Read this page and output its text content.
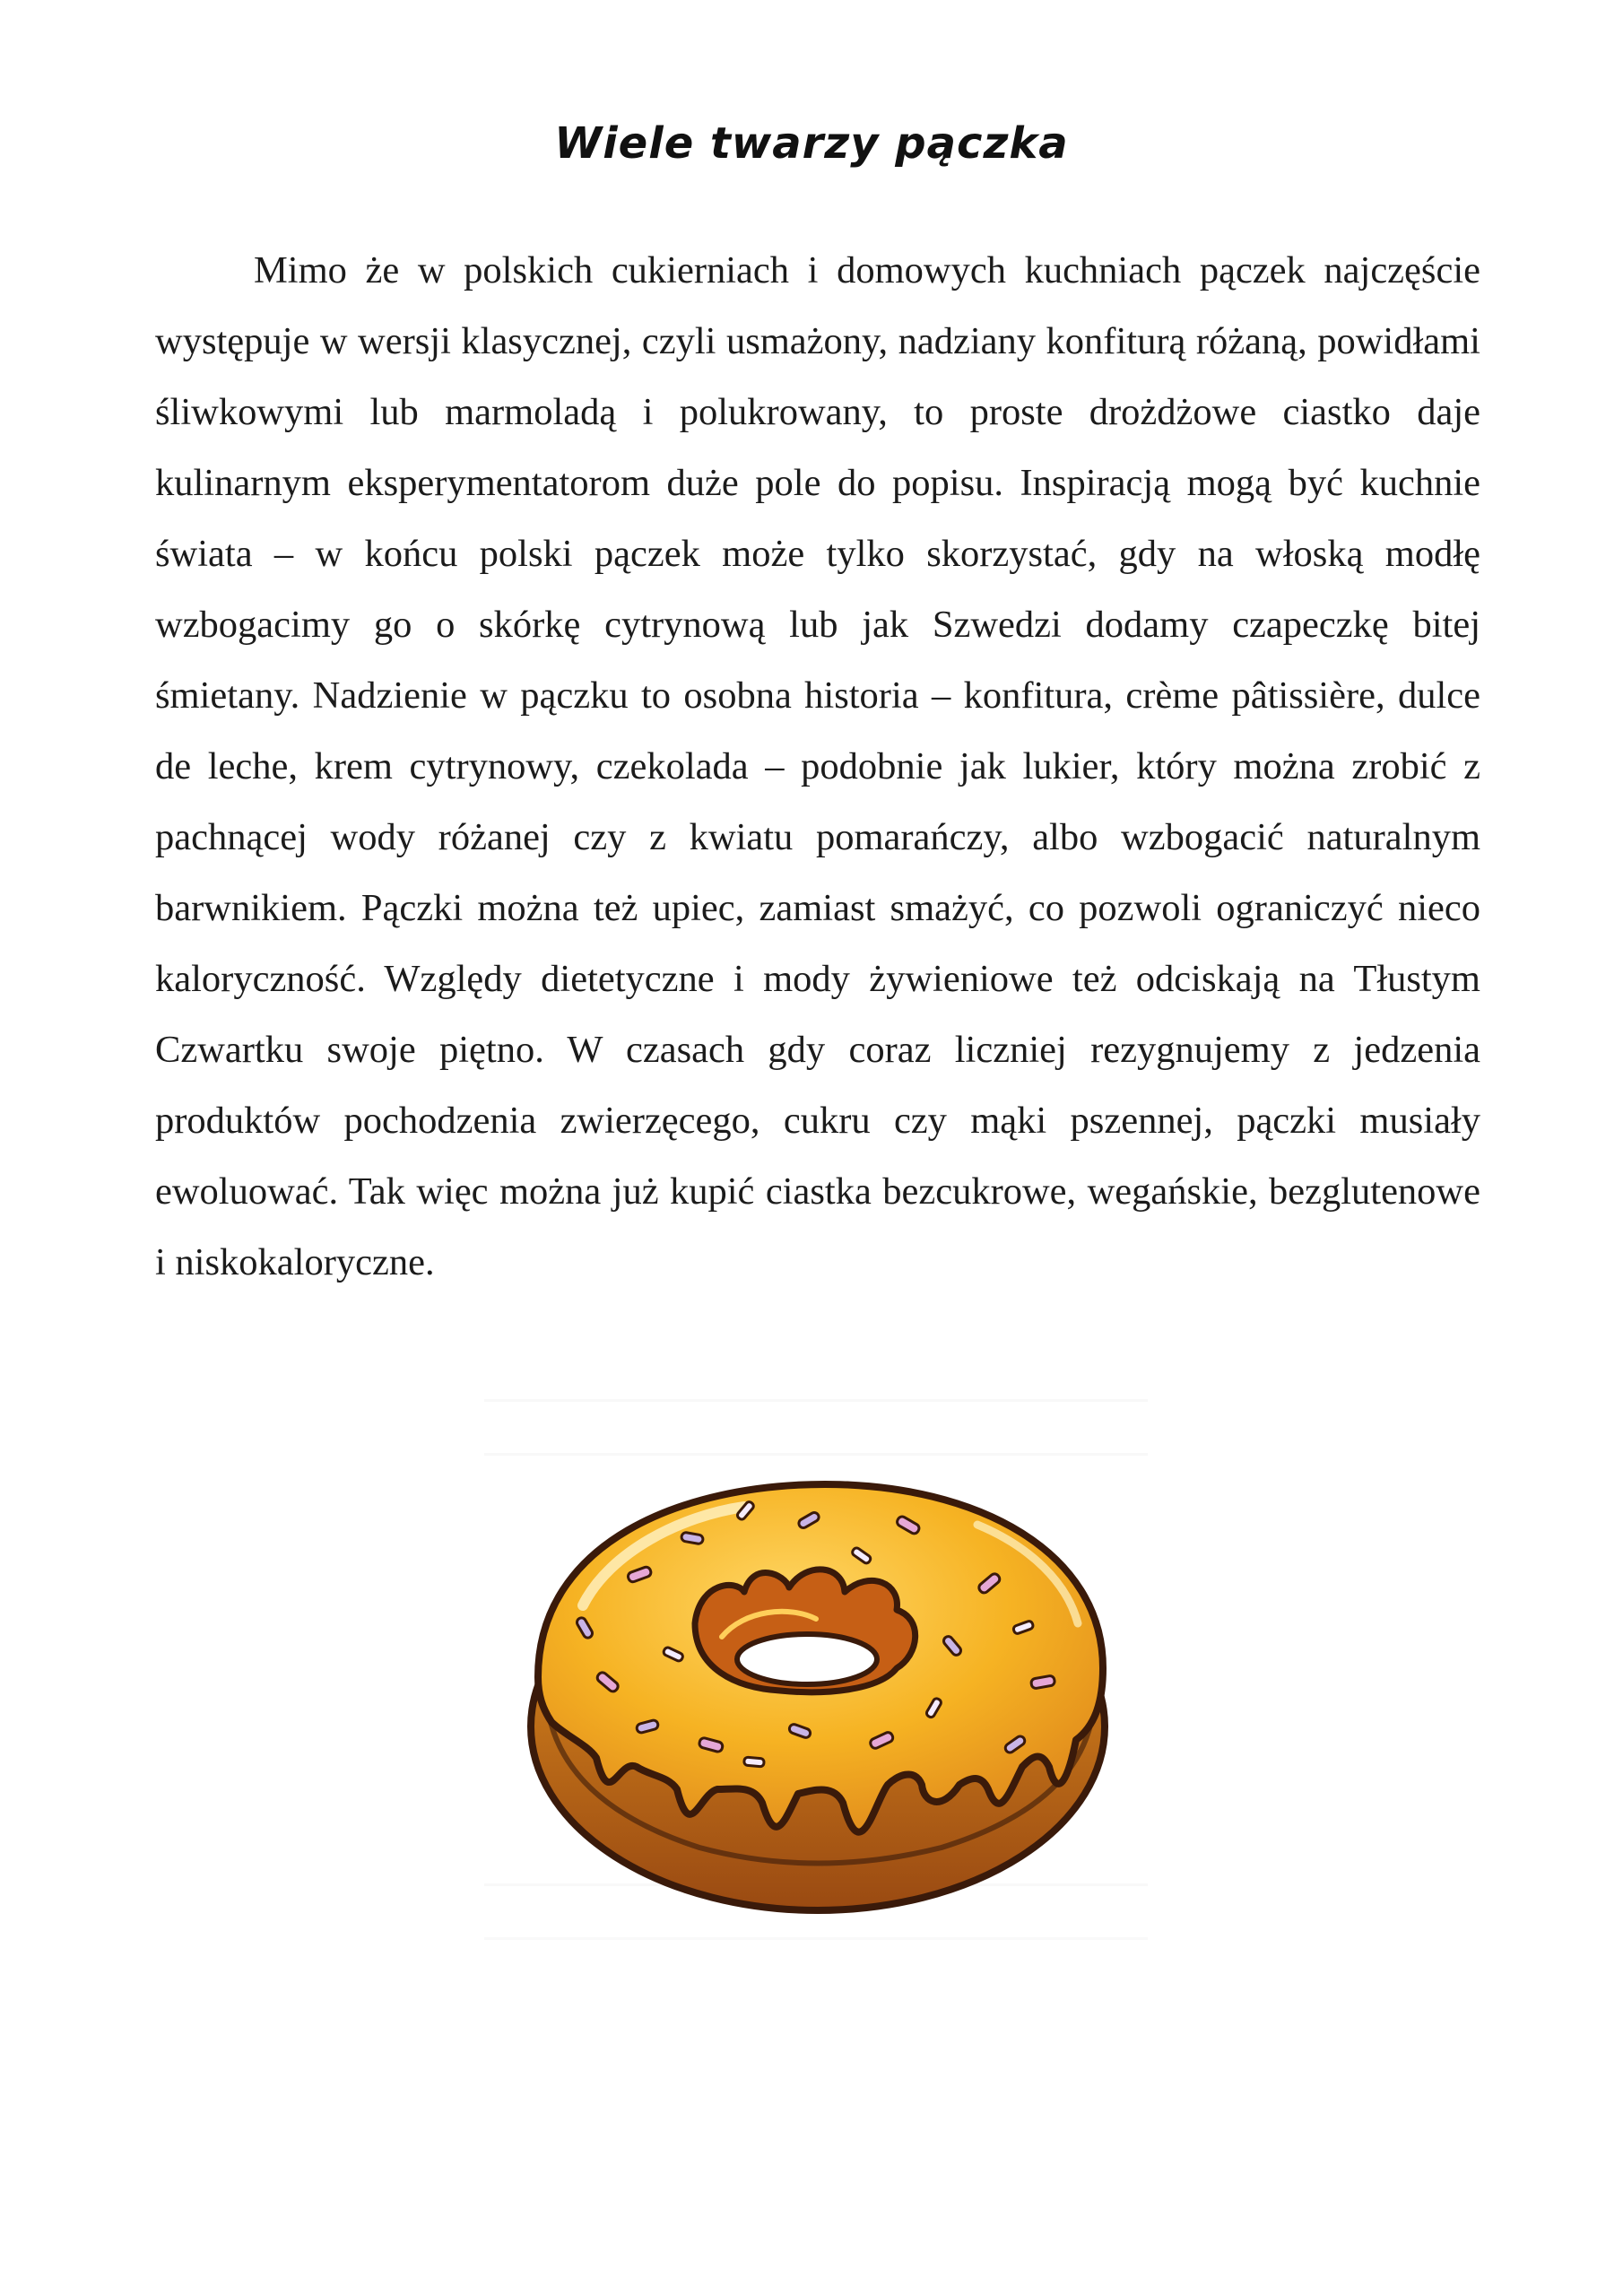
Wiele twarzy pączka

Mimo że w polskich cukierniach i domowych kuchniach pączek najczęście występuje w wersji klasycznej, czyli usmażony, nadziany konfiturą różaną, powidłami śliwkowymi lub marmoladą i polukrowany, to proste drożdżowe ciastko daje kulinarnym eksperymentatorom duże pole do popisu. Inspiracją mogą być kuchnie świata – w końcu polski pączek może tylko skorzystać, gdy na włoską modłę wzbogacimy go o skórkę cytrynową lub jak Szwedzi dodamy czapeczkę bitej śmietany. Nadzienie w pączku to osobna historia – konfitura, crème pâtissière, dulce de leche, krem cytrynowy, czekolada – podobnie jak lukier, który można zrobić z pachnącej wody różanej czy z kwiatu pomarańczy, albo wzbogacić naturalnym barwnikiem. Pączki można też upiec, zamiast smażyć, co pozwoli ograniczyć nieco kaloryczność. Względy dietetyczne i mody żywieniowe też odciskają na Tłustym Czwartku swoje piętno. W czasach gdy coraz liczniej rezygnujemy z jedzenia produktów pochodzenia zwierzęcego, cukru czy mąki pszennej, pączki musiały ewoluować. Tak więc można już kupić ciastka bezcukrowe, wegańskie, bezglutenowe i niskokaloryczne.
